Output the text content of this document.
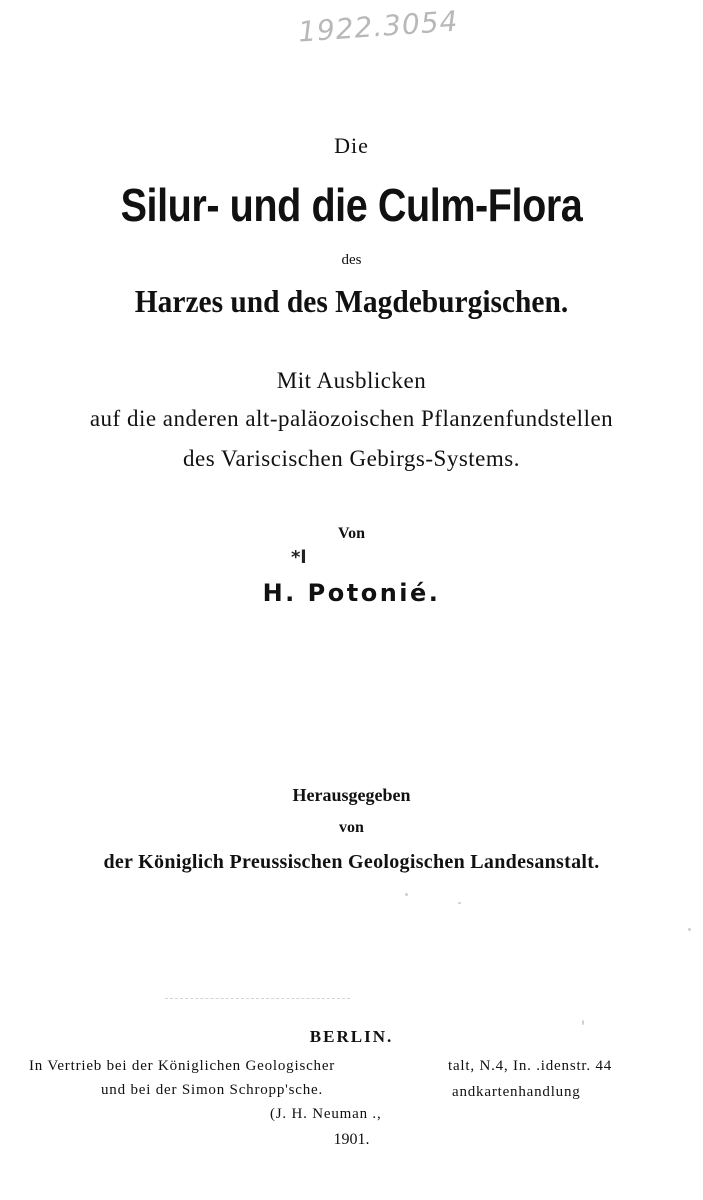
1922.3054
Die
Silur- und die Culm-Flora
des
Harzes und des Magdeburgischen.
Mit Ausblicken
auf die anderen alt-paläozoischen Pflanzenfundstellen
des Variscischen Gebirgs-Systems.
Von
*l
H. Potonié.
Herausgegeben
von
der Königlich Preussischen Geologischen Landesanstalt.
BERLIN.
In Vertrieb bei der Königlichen Geologischer	talt, N.4, In. .idenstr. 44
und bei der Simon Schropp'sche.	andkartenhandlung
(J. H. Neuman .,
1901.
